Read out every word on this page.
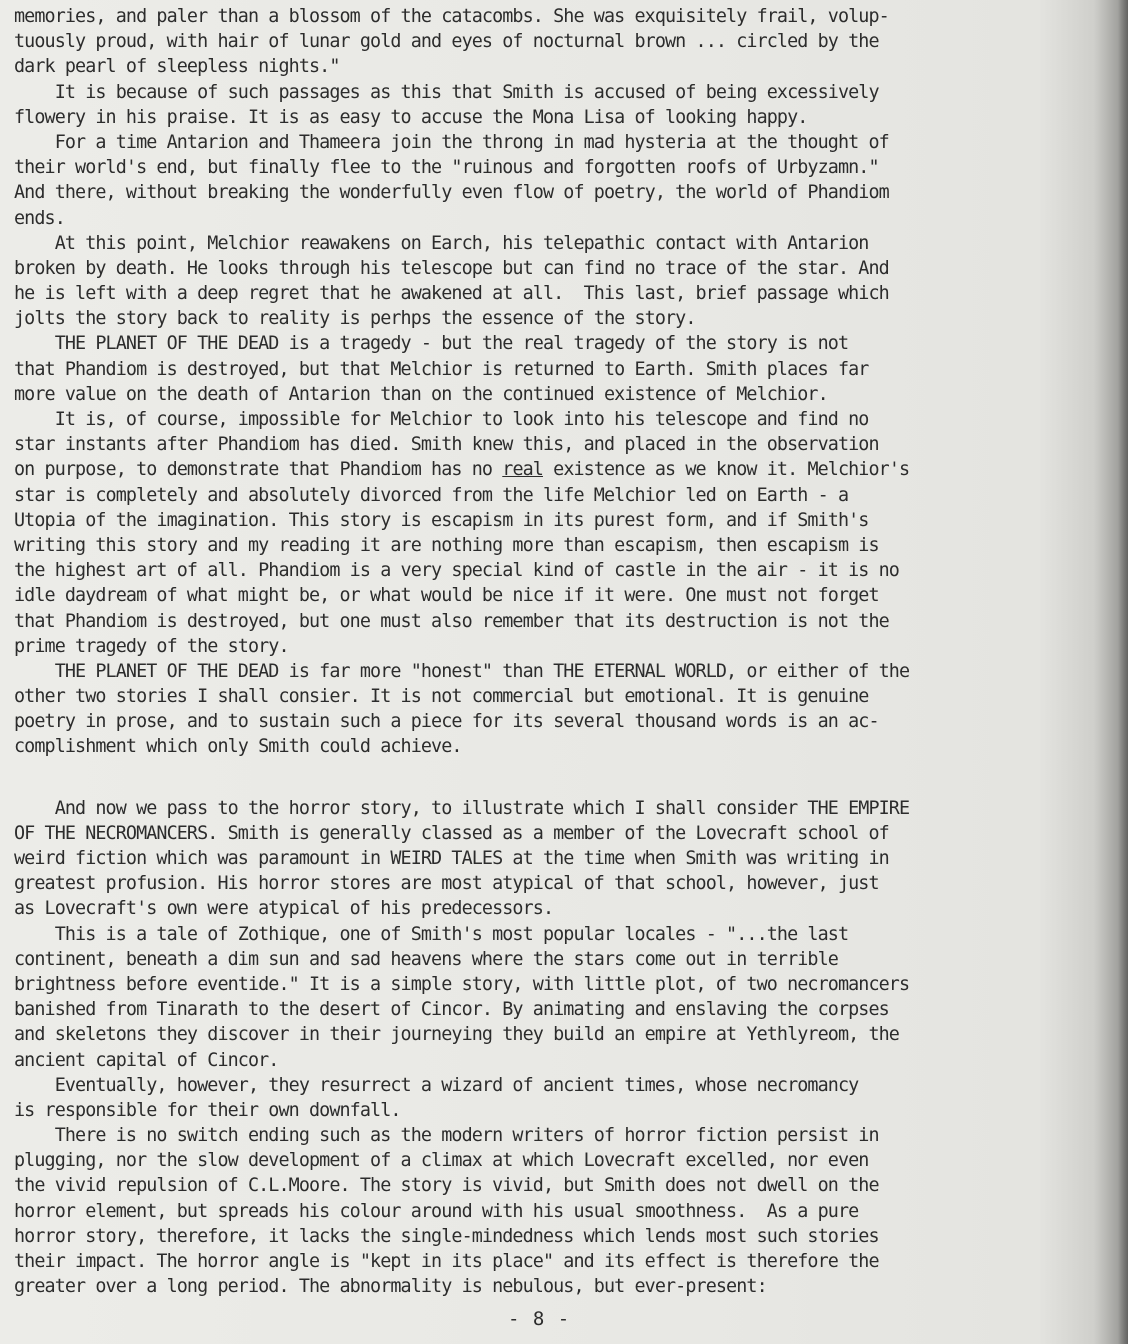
memories, and paler than a blossom of the catacombs. She was exquisitely frail, volup-
tuously proud, with hair of lunar gold and eyes of nocturnal brown ... circled by the
dark pearl of sleepless nights."
It is because of such passages as this that Smith is accused of being excessively
flowery in his praise. It is as easy to accuse the Mona Lisa of looking happy.
For a time Antarion and Thameera join the throng in mad hysteria at the thought of
their world's end, but finally flee to the "ruinous and forgotten roofs of Urbyzamn."
And there, without breaking the wonderfully even flow of poetry, the world of Phandiom
ends.
At this point, Melchior reawakens on Earch, his telepathic contact with Antarion
broken by death. He looks through his telescope but can find no trace of the star. And
he is left with a deep regret that he awakened at all.  This last, brief passage which
jolts the story back to reality is perhps the essence of the story.
THE PLANET OF THE DEAD is a tragedy - but the real tragedy of the story is not
that Phandiom is destroyed, but that Melchior is returned to Earth. Smith places far
more value on the death of Antarion than on the continued existence of Melchior.
It is, of course, impossible for Melchior to look into his telescope and find no
star instants after Phandiom has died. Smith knew this, and placed in the observation
on purpose, to demonstrate that Phandiom has no real existence as we know it. Melchior's
star is completely and absolutely divorced from the life Melchior led on Earth - a
Utopia of the imagination. This story is escapism in its purest form, and if Smith's
writing this story and my reading it are nothing more than escapism, then escapism is
the highest art of all. Phandiom is a very special kind of castle in the air - it is no
idle daydream of what might be, or what would be nice if it were. One must not forget
that Phandiom is destroyed, but one must also remember that its destruction is not the
prime tragedy of the story.
THE PLANET OF THE DEAD is far more "honest" than THE ETERNAL WORLD, or either of the
other two stories I shall consier. It is not commercial but emotional. It is genuine
poetry in prose, and to sustain such a piece for its several thousand words is an ac-
complishment which only Smith could achieve.
And now we pass to the horror story, to illustrate which I shall consider THE EMPIRE
OF THE NECROMANCERS. Smith is generally classed as a member of the Lovecraft school of
weird fiction which was paramount in WEIRD TALES at the time when Smith was writing in
greatest profusion. His horror stores are most atypical of that school, however, just
as Lovecraft's own were atypical of his predecessors.
This is a tale of Zothique, one of Smith's most popular locales - "...the last
continent, beneath a dim sun and sad heavens where the stars come out in terrible
brightness before eventide." It is a simple story, with little plot, of two necromancers
banished from Tinarath to the desert of Cincor. By animating and enslaving the corpses
and skeletons they discover in their journeying they build an empire at Yethlyreom, the
ancient capital of Cincor.
Eventually, however, they resurrect a wizard of ancient times, whose necromancy
is responsible for their own downfall.
There is no switch ending such as the modern writers of horror fiction persist in
plugging, nor the slow development of a climax at which Lovecraft excelled, nor even
the vivid repulsion of C.L.Moore. The story is vivid, but Smith does not dwell on the
horror element, but spreads his colour around with his usual smoothness.  As a pure
horror story, therefore, it lacks the single-mindedness which lends most such stories
their impact. The horror angle is "kept in its place" and its effect is therefore the
greater over a long period. The abnormality is nebulous, but ever-present:
- 8 -
